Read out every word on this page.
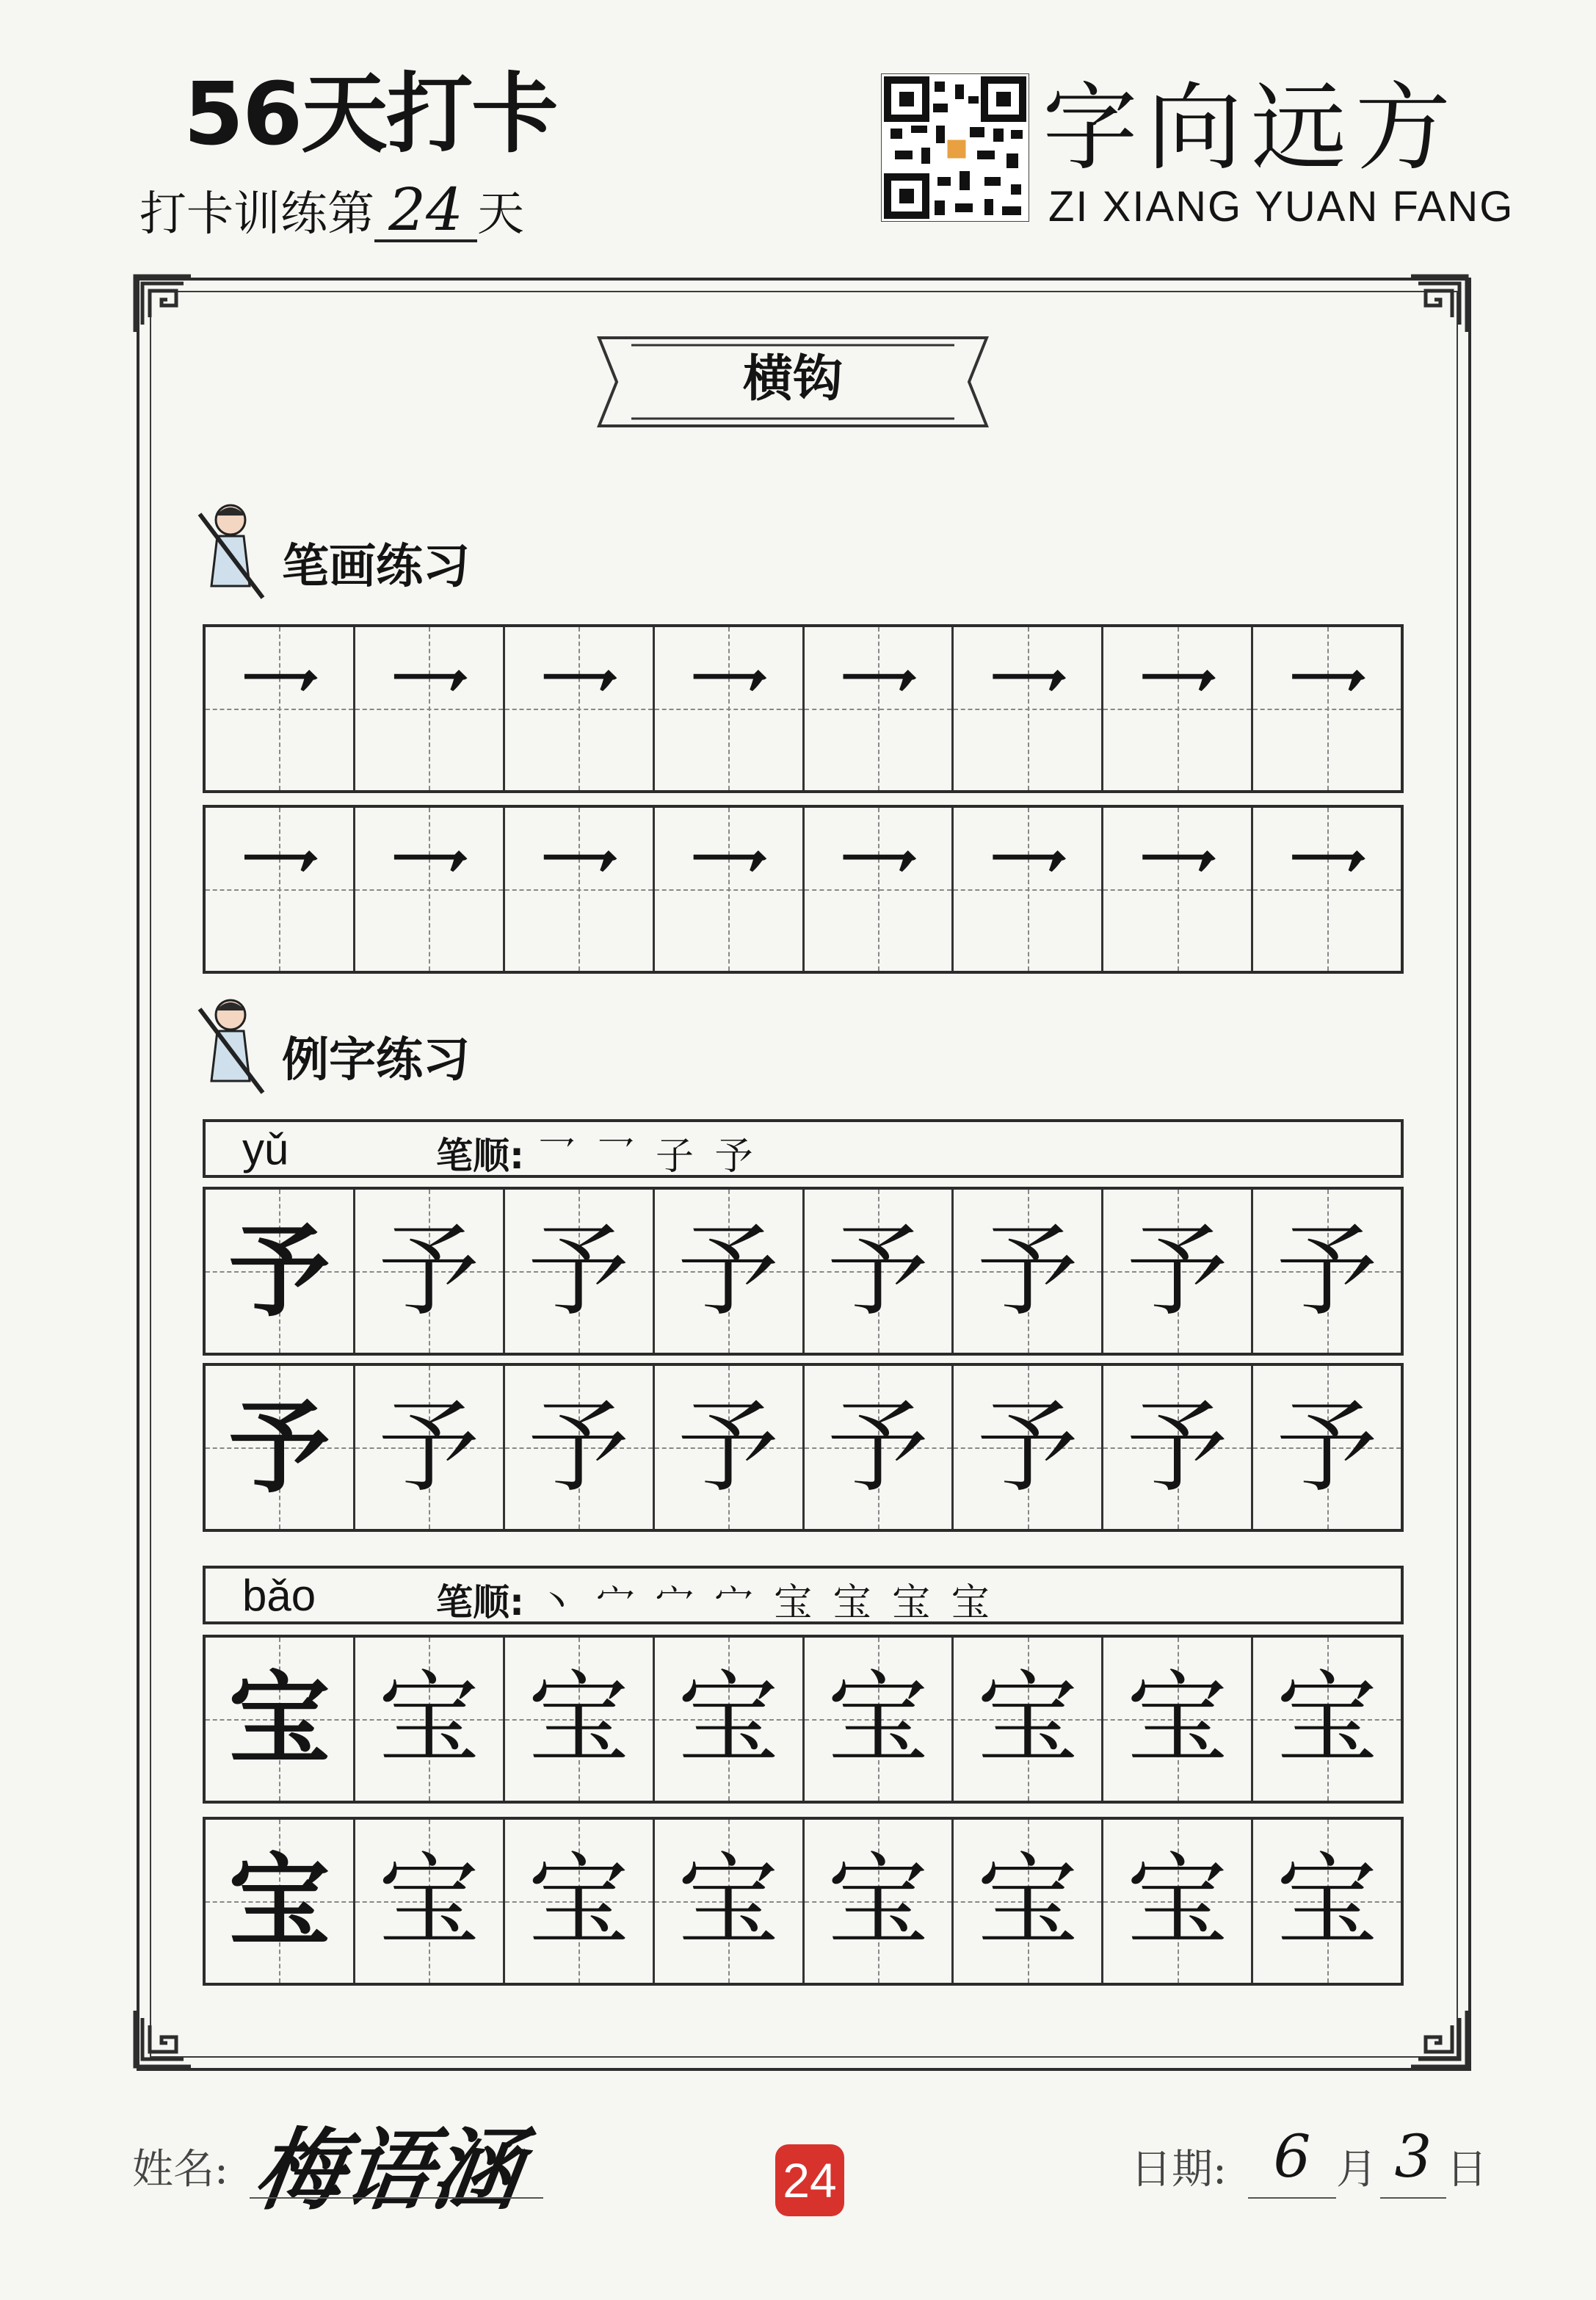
56天打卡
打卡训练第 24 天
字向远方
ZI XIANG YUAN FANG
横钩
笔画练习
乛 乛 乛 乛 乛 乛 乛 乛
乛 乛 乛 乛 乛 乛 乛 乛
例字练习
yǔ	笔顺: 乛 乛 子 予
予 予 予 予 予 予 予 予
予 予 予 予 予 予 予 予
bǎo	笔顺: 丶 宀 宀 宀 宝 宝 宝 宝
宝 宝 宝 宝 宝 宝 宝 宝
宝 宝 宝 宝 宝 宝 宝 宝
姓名: 梅语涵	24	日期: 6 月 3 日
